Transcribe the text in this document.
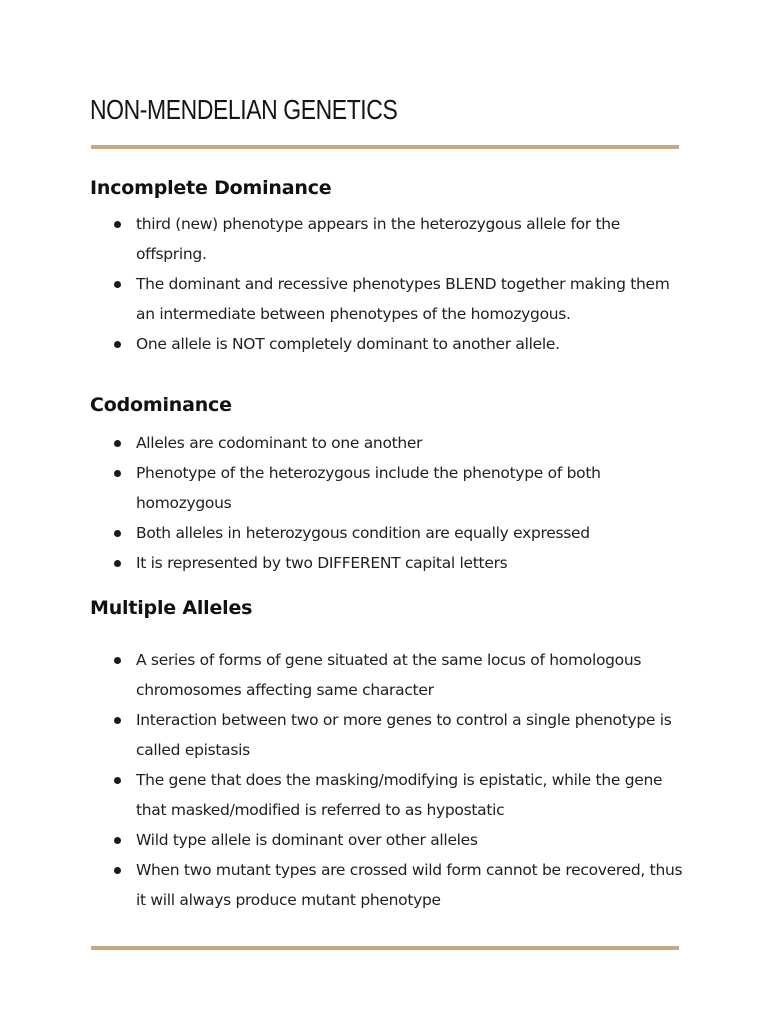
NON-MENDELIAN GENETICS
Incomplete Dominance
third (new) phenotype appears in the heterozygous allele for the offspring.
The dominant and recessive phenotypes BLEND together making them an intermediate between phenotypes of the homozygous.
One allele is NOT completely dominant to another allele.
Codominance
Alleles are codominant to one another
Phenotype of the heterozygous include the phenotype of both homozygous
Both alleles in heterozygous condition are equally expressed
It is represented by two DIFFERENT capital letters
Multiple Alleles
A series of forms of gene situated at the same locus of homologous chromosomes affecting same character
Interaction between two or more genes to control a single phenotype is called epistasis
The gene that does the masking/modifying is epistatic, while the gene that masked/modified is referred to as hypostatic
Wild type allele is dominant over other alleles
When two mutant types are crossed wild form cannot be recovered, thus it will always produce mutant phenotype
